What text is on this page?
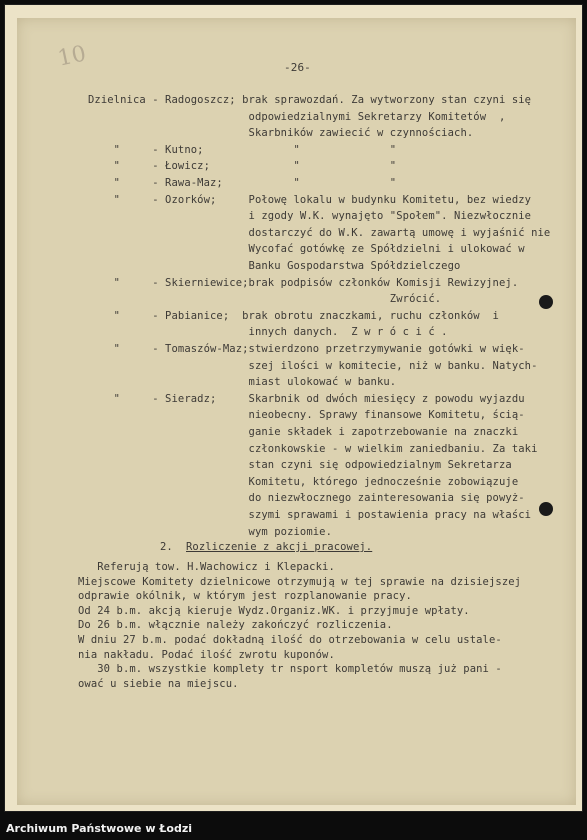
10	-26-
Dzielnica - Radogoszcz; brak sprawozdań. Za wytworzony stan czyni się
odpowiedzialnymi Sekretarzy Komitetów  ,
Skarbników zawiecić w czynnościach.
"     - Kutno;              "              "
"     - Łowicz;             "              "
"     - Rawa-Maz;           "              "
"     - Ozorków;     Połowę lokalu w budynku Komitetu, bez wiedzy
i zgody W.K. wynajęto "Społem". Niezwłocznie
dostarczyć do W.K. zawartą umowę i wyjaśnić nie
Wycofać gotówkę ze Spółdzielni i ulokować w
Banku Gospodarstwa Spółdzielczego
"     - Skierniewice;brak podpisów członków Komisji Rewizyjnej.
Zwrócić.
"     - Pabianice;  brak obrotu znaczkami, ruchu członków  i
innych danych.  Z w r ó c i ć .
"     - Tomaszów-Maz;stwierdzono przetrzymywanie gotówki w więk-
szej ilości w komitecie, niż w banku. Natych-
miast ulokować w banku.
"     - Sieradz;     Skarbnik od dwóch miesięcy z powodu wyjazdu
nieobecny. Sprawy finansowe Komitetu, ścią-
ganie składek i zapotrzebowanie na znaczki
członkowskie - w wielkim zaniedbaniu. Za taki
stan czyni się odpowiedzialnym Sekretarza
Komitetu, którego jednocześnie zobowiązuje
do niezwłocznego zainteresowania się powyż-
szymi sprawami i postawienia pracy na właści
wym poziomie.
2. Rozliczenie z akcji pracowej.
Referują tow. H.Wachowicz i Klepacki.
Miejscowe Komitety dzielnicowe otrzymują w tej sprawie na dzisiejszej
odprawie okólnik, w którym jest rozplanowanie pracy.
Od 24 b.m. akcją kieruje Wydz.Organiz.WK. i przyjmuje wpłaty.
Do 26 b.m. włącznie należy zakończyć rozliczenia.
W dniu 27 b.m. podać dokładną ilość do otrzebowania w celu ustale-
nia nakładu. Podać ilość zwrotu kuponów.
30 b.m. wszystkie komplety tr nsport kompletów muszą już pani -
ować u siebie na miejscu.
Archiwum Państwowe w Łodzi
